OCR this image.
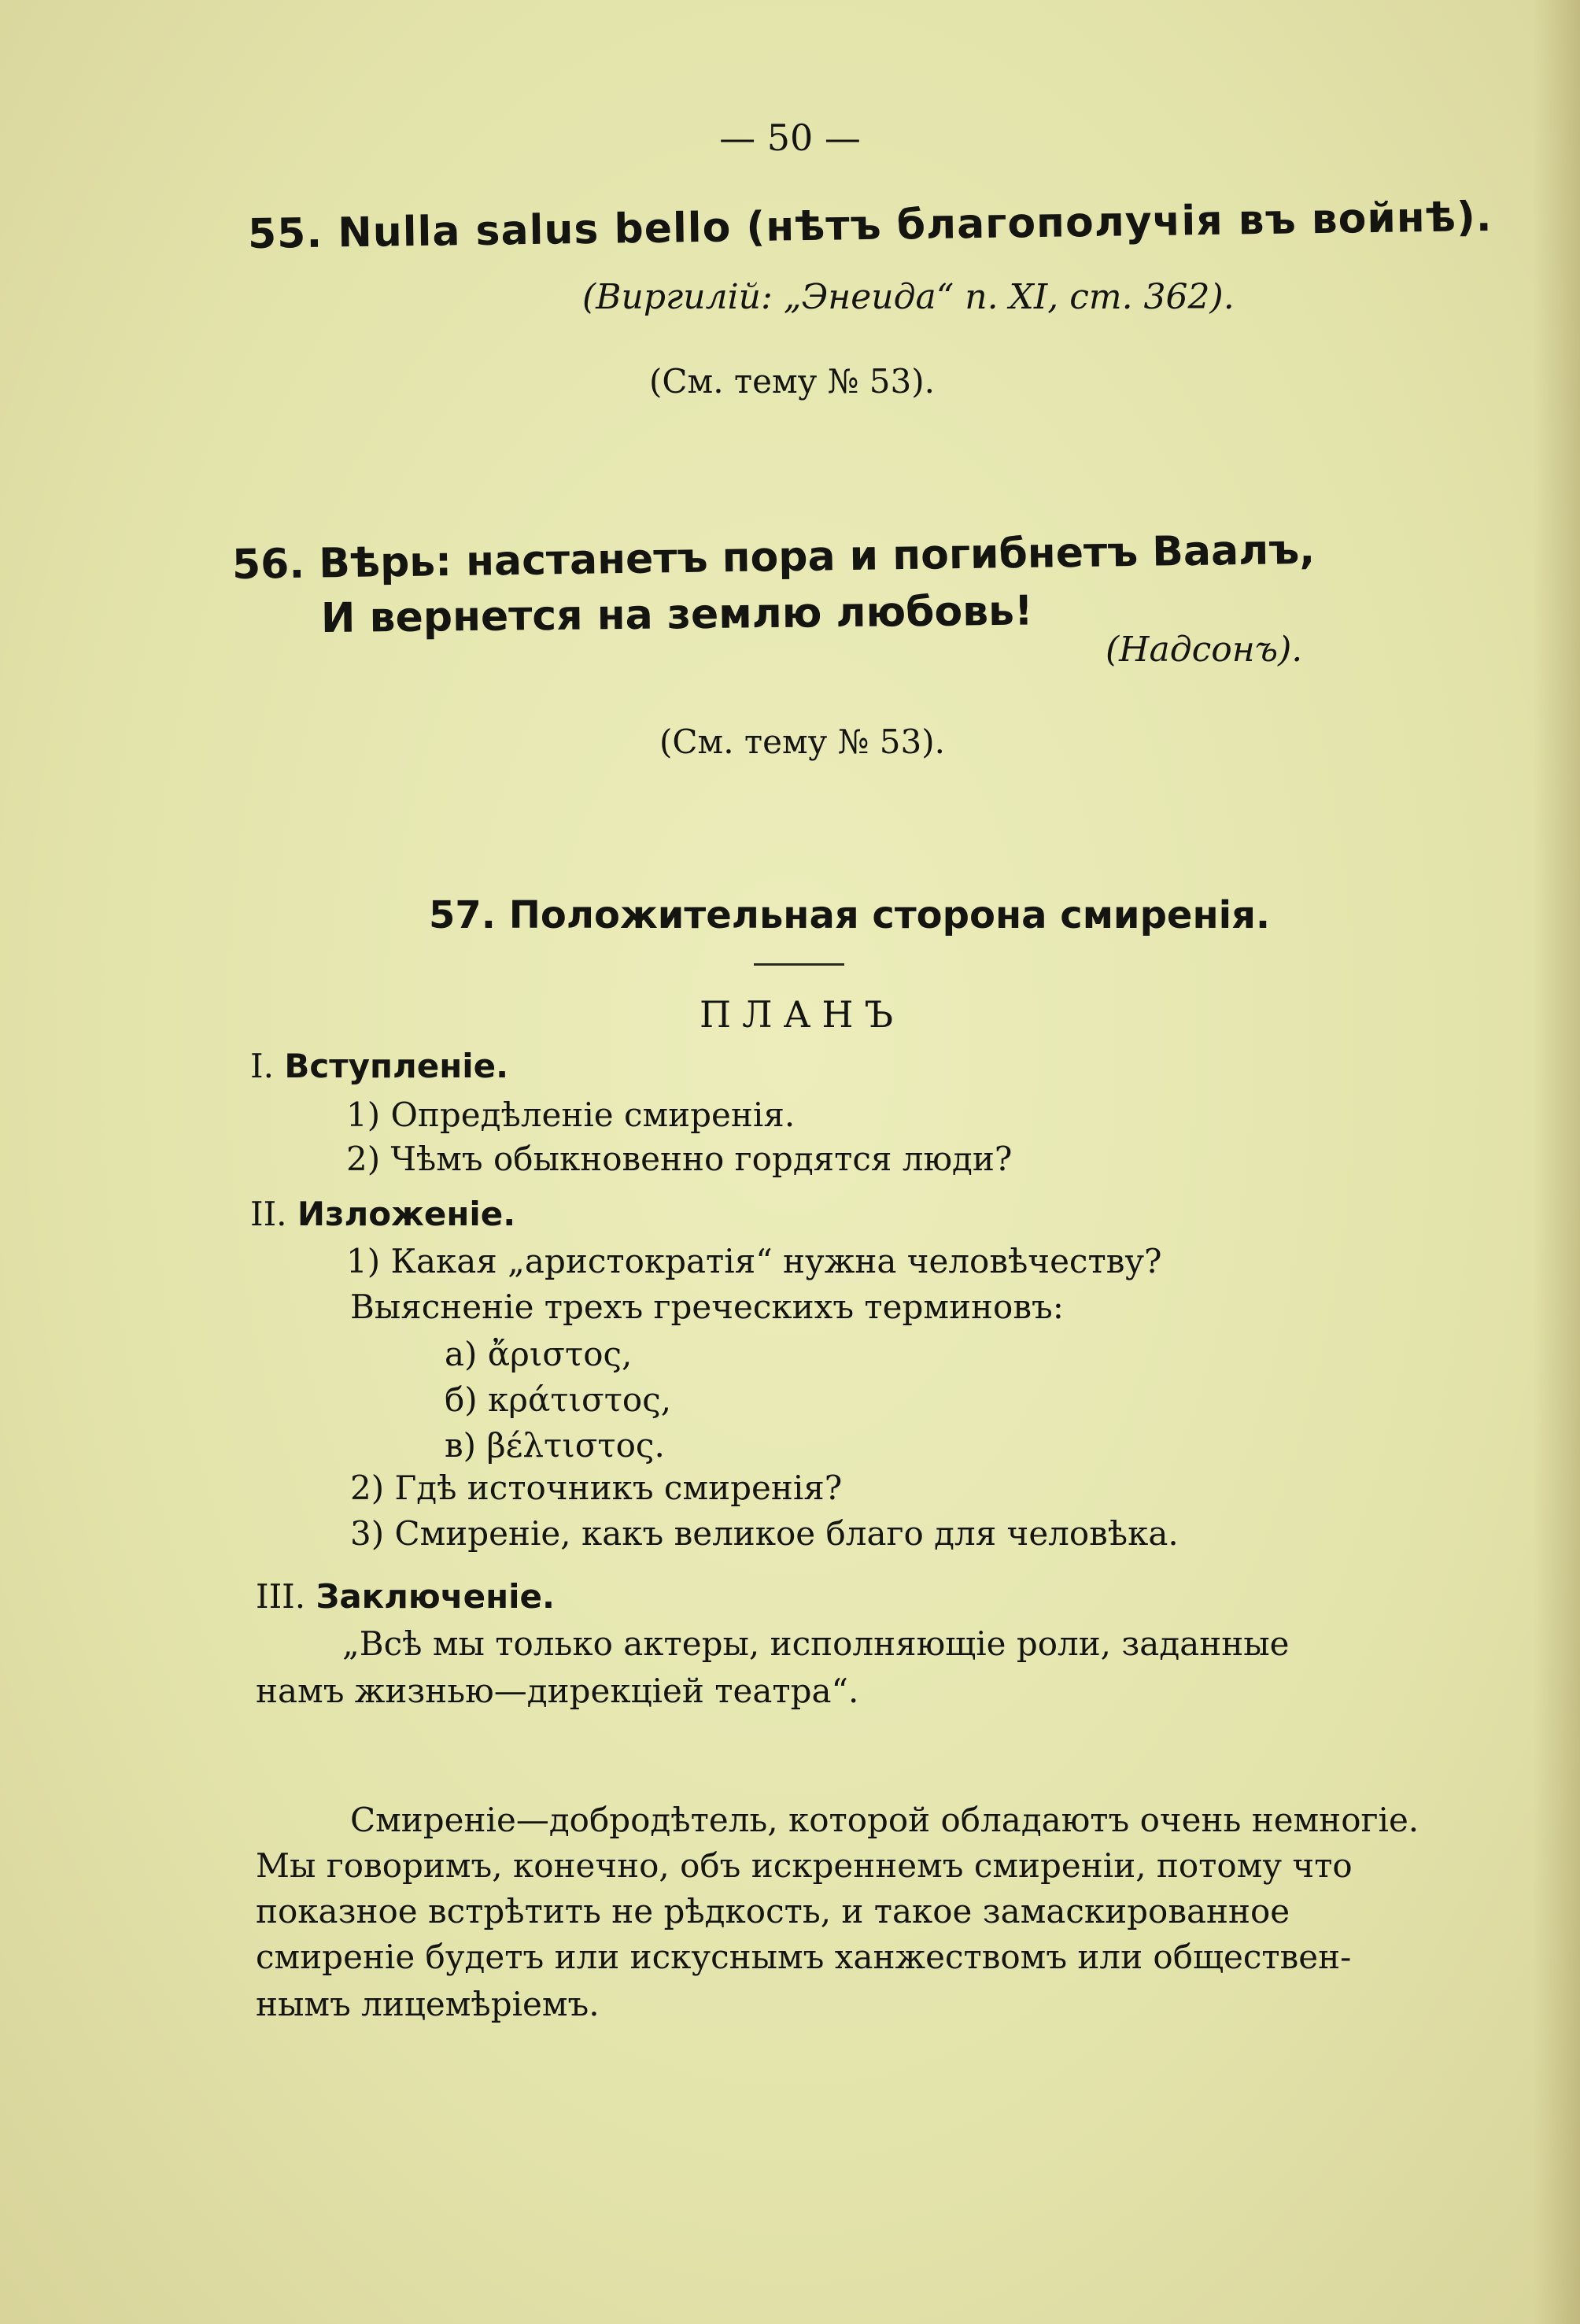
— 50 —
55. Nulla salus bello (нѣтъ благополучія въ войнѣ).
(Виргилій: „Энеида“ п. XI, ст. 362).
(См. тему № 53).
56. Вѣрь: настанетъ пора и погибнетъ Ваалъ,
И вернется на землю любовь!
(Надсонъ).
(См. тему № 53).
57. Положительная сторона смиренія.
ПЛАНЪ
I. Вступленіе.
1) Опредѣленіе смиренія.
2) Чѣмъ обыкновенно гордятся люди?
II. Изложеніе.
1) Какая „аристократія“ нужна человѣчеству?
Выясненіе трехъ греческихъ терминовъ:
а) ἄριστος,
б) κράτιστος,
в) βέλτιστος.
2) Гдѣ источникъ смиренія?
3) Смиреніе, какъ великое благо для человѣка.
III. Заключеніе.
„Всѣ мы только актеры, исполняющіе роли, заданные
намъ жизнью—дирекціей театра“.
Смиреніе—добродѣтель, которой обладаютъ очень немногіе.
Мы говоримъ, конечно, объ искреннемъ смиреніи, потому что
показное встрѣтить не рѣдкость, и такое замаскированное
смиреніе будетъ или искуснымъ ханжествомъ или обществен-
нымъ лицемѣріемъ.
